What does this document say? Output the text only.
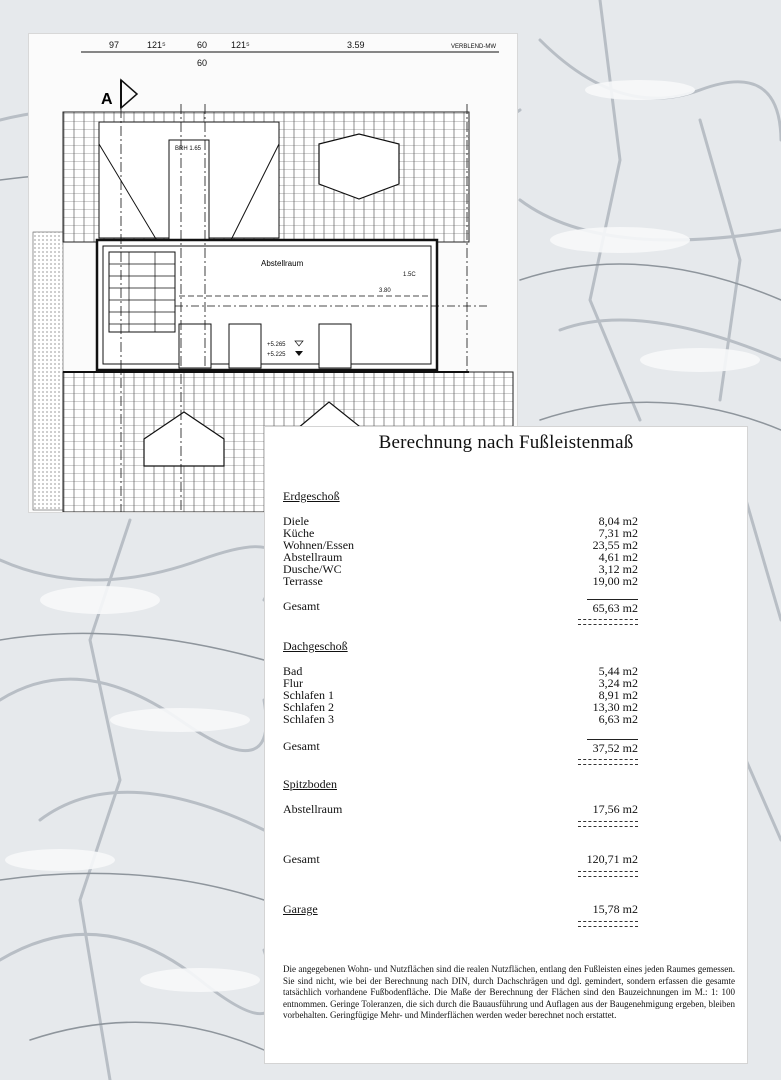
97	121⁵	60
60
121⁵	3.59	VERBLEND-MW
A
BRH 1.65
Abstellraum
1.5C
3.80
+5.265
+5.225
Berechnung nach Fußleistenmaß
Erdgeschoß
Diele	8,04 m2
Küche	7,31 m2
Wohnen/Essen	23,55 m2
Abstellraum	4,61 m2
Dusche/WC	3,12 m2
Terrasse	19,00 m2
Gesamt	65,63 m2
Dachgeschoß
Bad	5,44 m2
Flur	3,24 m2
Schlafen 1	8,91 m2
Schlafen 2	13,30 m2
Schlafen 3	6,63 m2
Gesamt	37,52 m2
Spitzboden
Abstellraum	17,56 m2
Gesamt	120,71 m2
Garage	15,78 m2
Die angegebenen Wohn- und Nutzflächen sind die realen Nutzflächen, entlang den Fußleisten eines jeden Raumes gemessen. Sie sind nicht, wie bei der Berechnung nach DIN, durch Dachschrägen und dgl. gemindert, sondern erfassen die gesamte tatsächlich vorhandene Fußbodenfläche. Die Maße der Berechnung der Flächen sind den Bauzeichnungen im M.: 1: 100 entnommen. Geringe Toleranzen, die sich durch die Bauausführung und Auflagen aus der Baugenehmigung ergeben, bleiben vorbehalten. Geringfügige Mehr- und Minderflächen werden weder berechnet noch erstattet.
